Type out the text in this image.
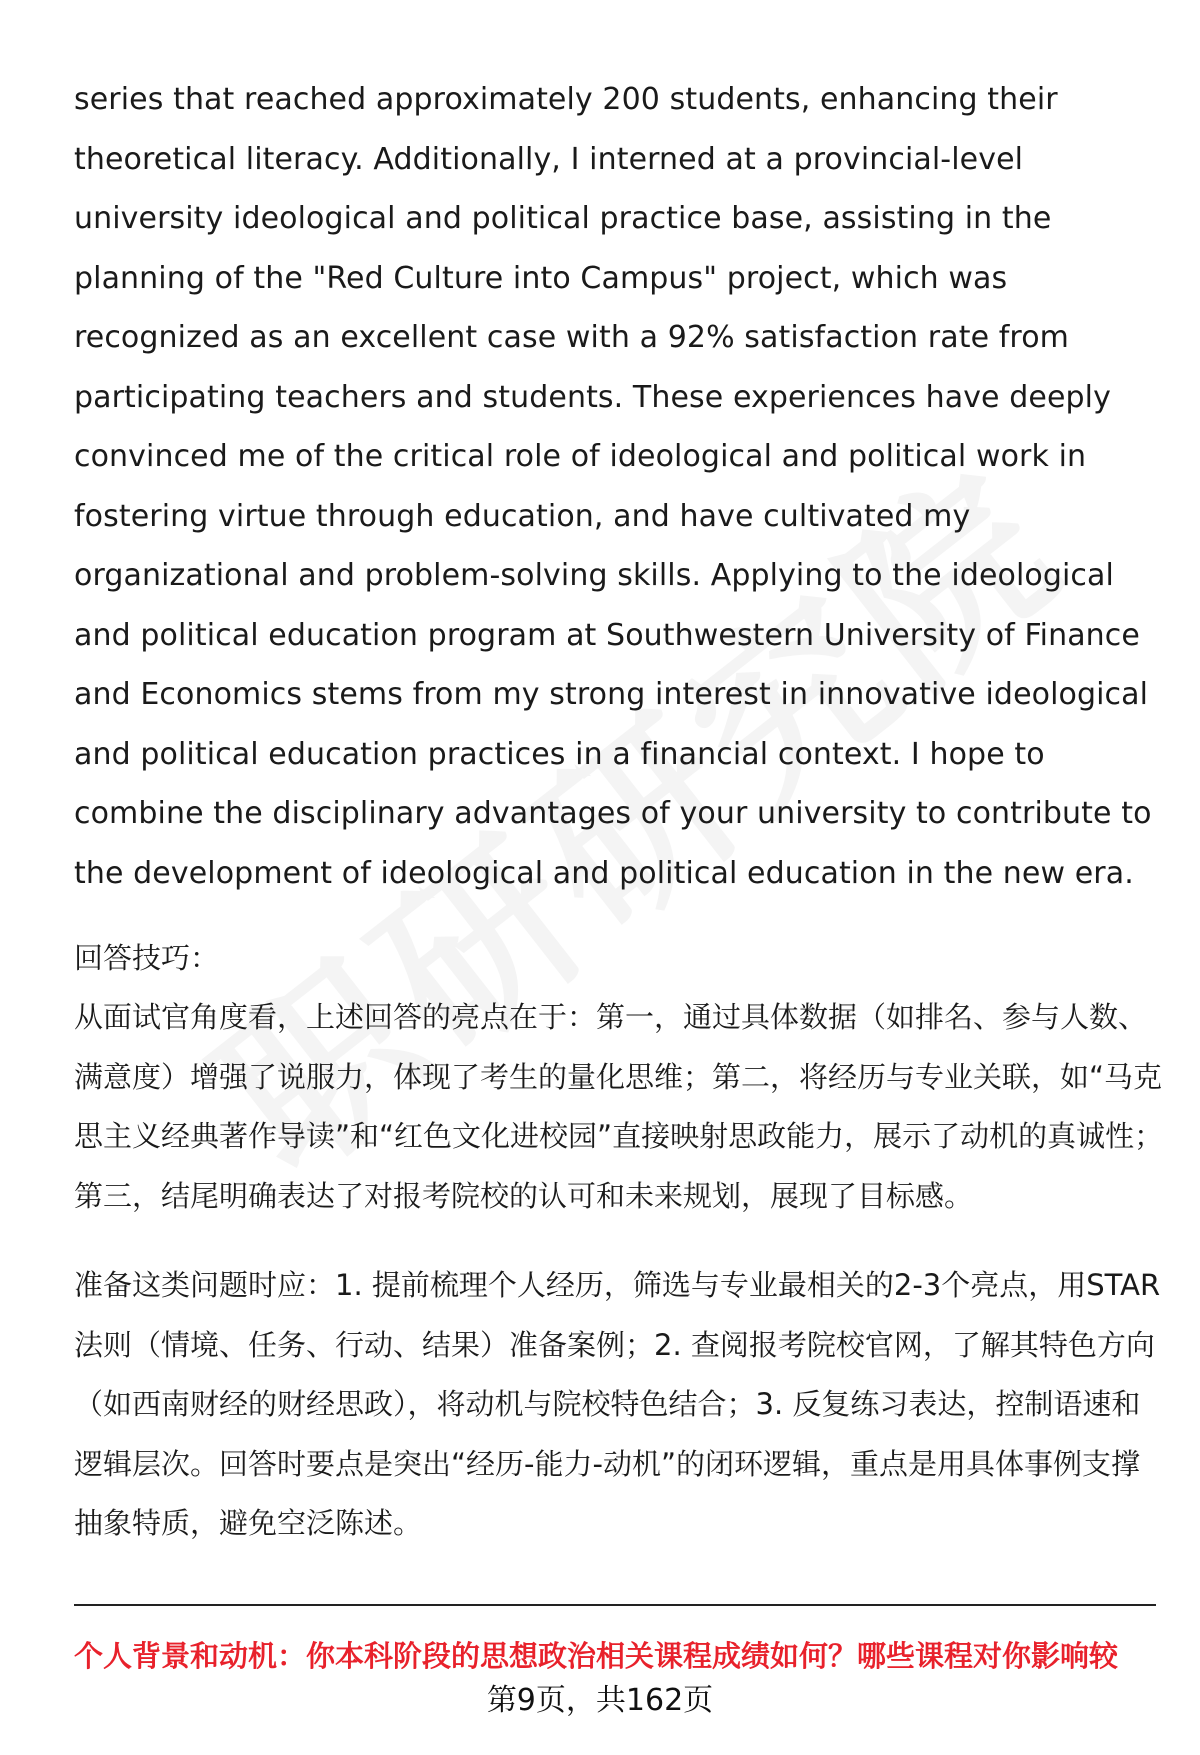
series that reached approximately 200 students, enhancing their theoretical literacy. Additionally, I interned at a provincial-level university ideological and political practice base, assisting in the planning of the "Red Culture into Campus" project, which was recognized as an excellent case with a 92% satisfaction rate from participating teachers and students. These experiences have deeply convinced me of the critical role of ideological and political work in fostering virtue through education, and have cultivated my organizational and problem-solving skills. Applying to the ideological and political education program at Southwestern University of Finance and Economics stems from my strong interest in innovative ideological and political education practices in a financial context. I hope to combine the disciplinary advantages of your university to contribute to the development of ideological and political education in the new era.

回答技巧：

从面试官角度看，上述回答的亮点在于：第一，通过具体数据（如排名、参与人数、满意度）增强了说服力，体现了考生的量化思维；第二，将经历与专业关联，如“马克思主义经典著作导读”和“红色文化进校园”直接映射思政能力，展示了动机的真诚性；第三，结尾明确表达了对报考院校的认可和未来规划，展现了目标感。

准备这类问题时应：1. 提前梳理个人经历，筛选与专业最相关的2-3个亮点，用STAR法则（情境、任务、行动、结果）准备案例；2. 查阅报考院校官网，了解其特色方向（如西南财经的财经思政），将动机与院校特色结合；3. 反复练习表达，控制语速和逻辑层次。回答时要点是突出“经历-能力-动机”的闭环逻辑，重点是用具体事例支撑抽象特质，避免空泛陈述。

个人背景和动机：你本科阶段的思想政治相关课程成绩如何？哪些课程对你影响较
第9页，共162页
